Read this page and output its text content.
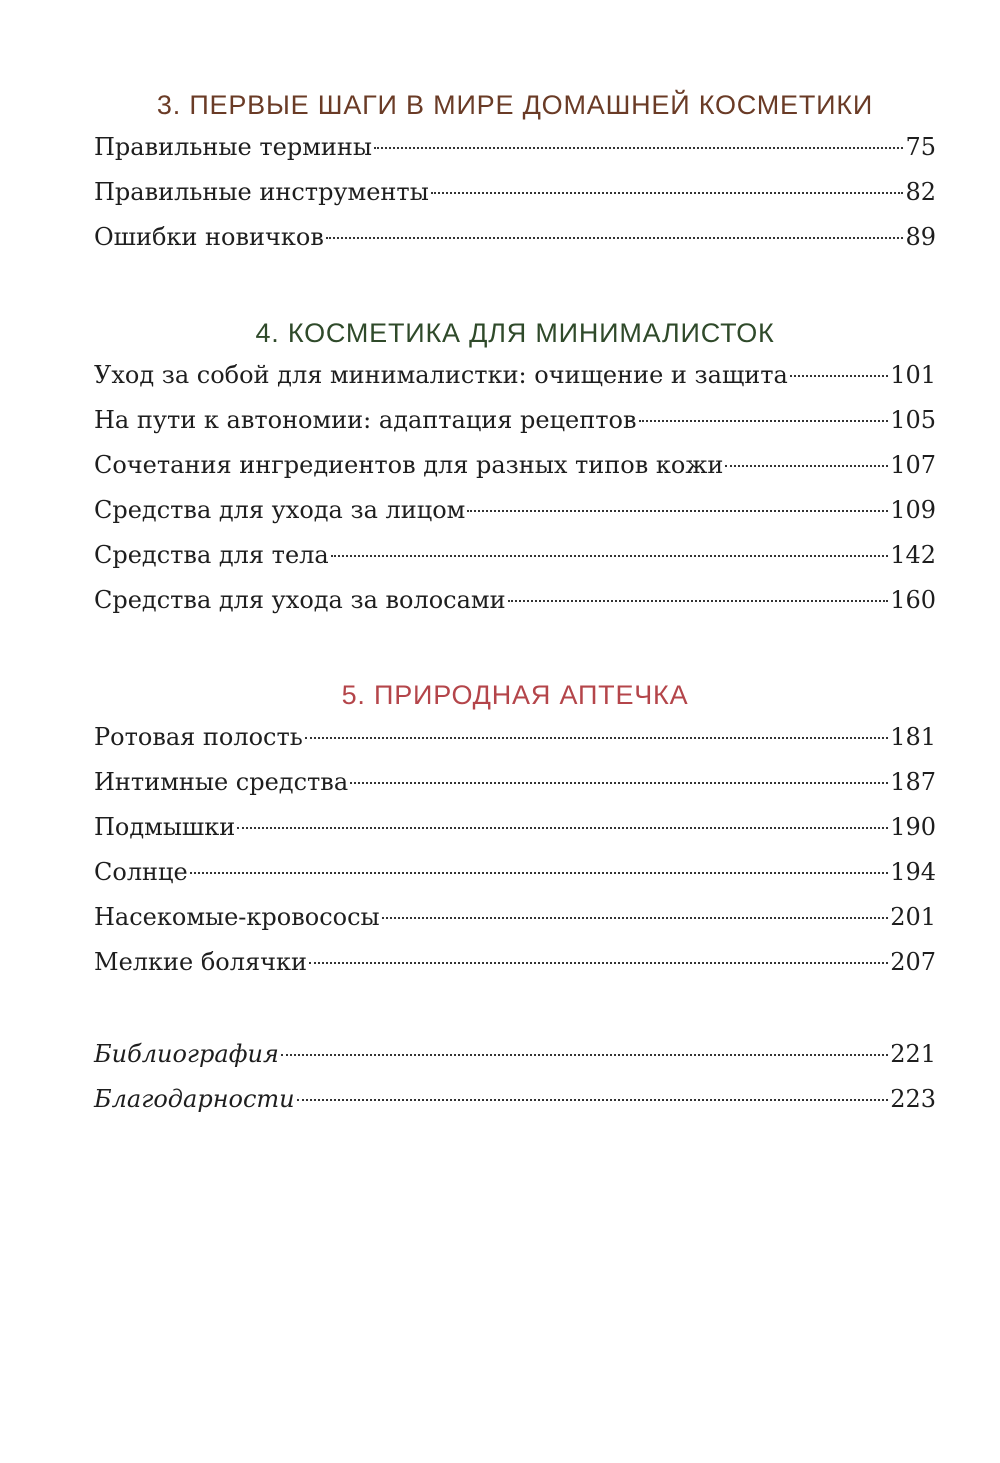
3. ПЕРВЫЕ ШАГИ В МИРЕ ДОМАШНЕЙ КОСМЕТИКИ
Правильные термины	75
Правильные инструменты	82
Ошибки новичков	89
4. КОСМЕТИКА ДЛЯ МИНИМАЛИСТОК
Уход за собой для минималистки: очищение и защита	101
На пути к автономии: адаптация рецептов	105
Сочетания ингредиентов для разных типов кожи	107
Средства для ухода за лицом	109
Средства для тела	142
Средства для ухода за волосами	160
5. ПРИРОДНАЯ АПТЕЧКА
Ротовая полость	181
Интимные средства	187
Подмышки	190
Солнце	194
Насекомые-кровососы	201
Мелкие болячки	207
Библиография	221
Благодарности	223
